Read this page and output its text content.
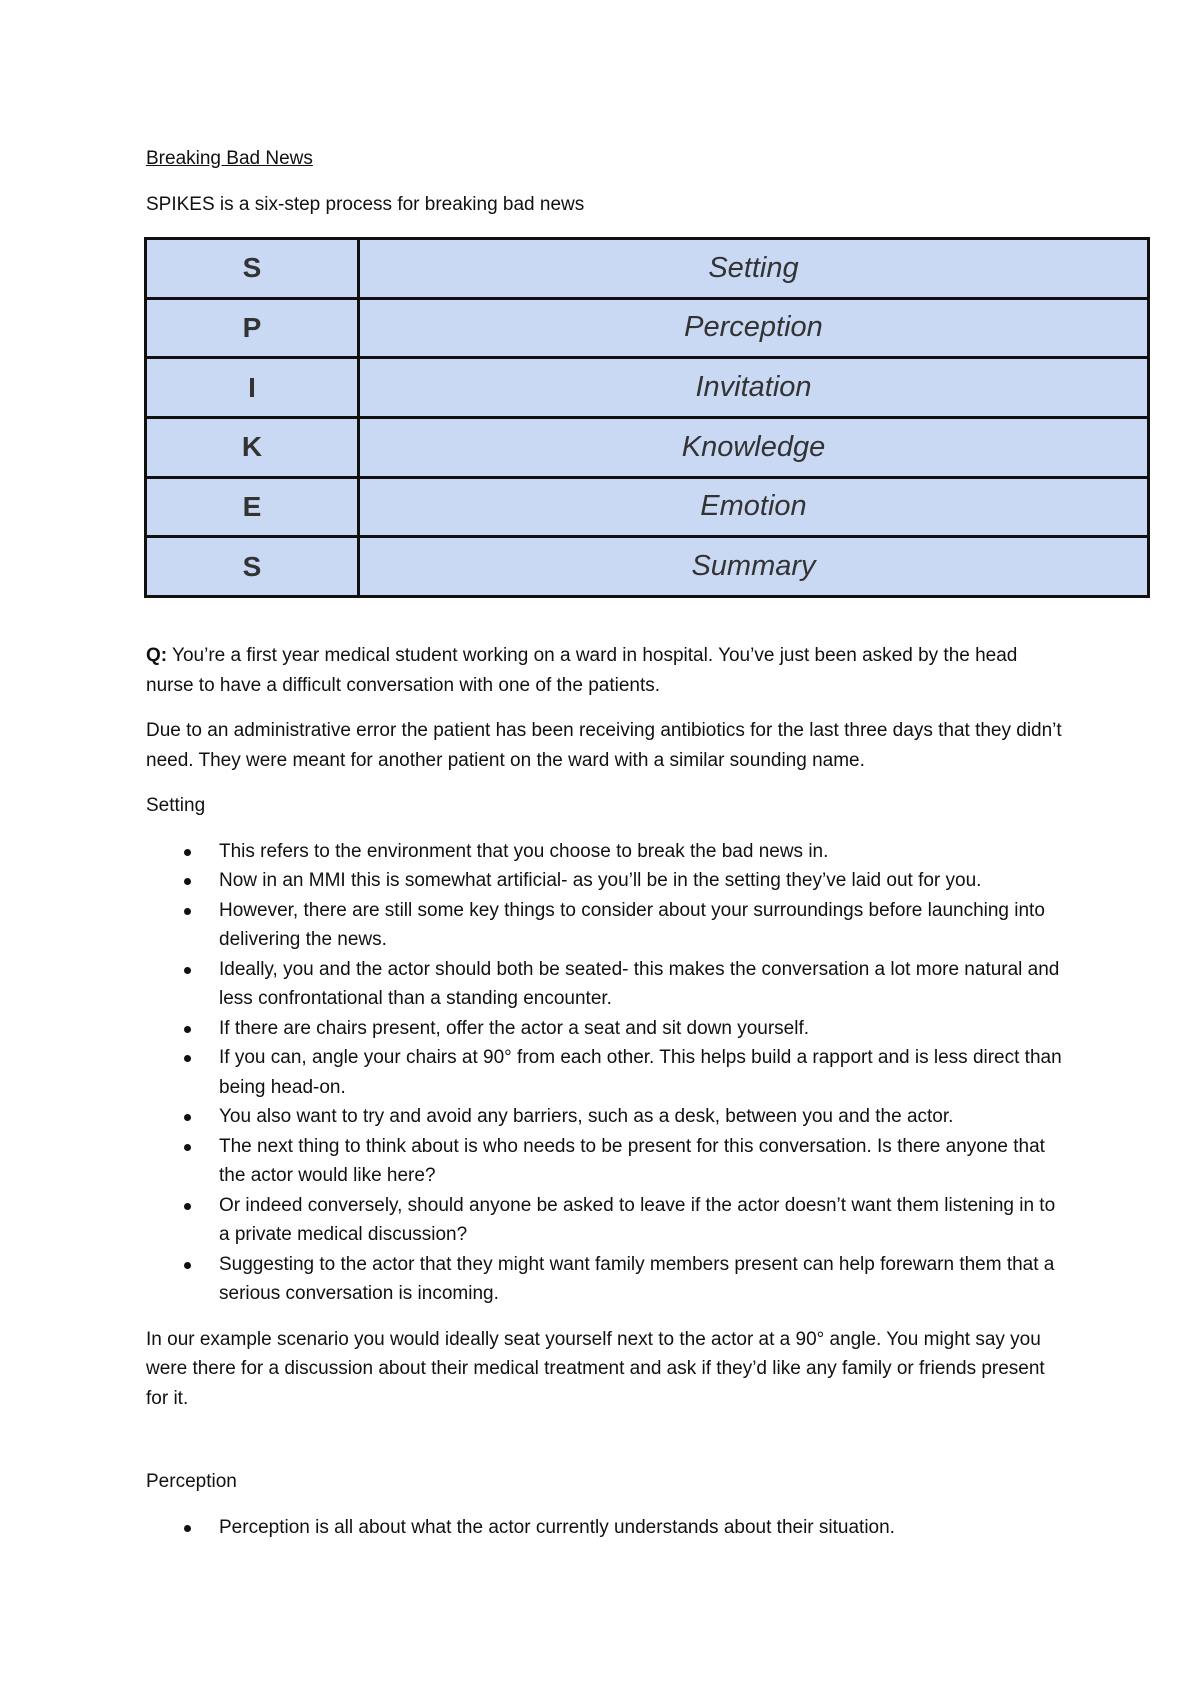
Breaking Bad News

SPIKES is a six-step process for breaking bad news

S	Setting
P	Perception
I	Invitation
K	Knowledge
E	Emotion
S	Summary

Q: You’re a first year medical student working on a ward in hospital. You’ve just been asked by the head nurse to have a difficult conversation with one of the patients.

Due to an administrative error the patient has been receiving antibiotics for the last three days that they didn’t need. They were meant for another patient on the ward with a similar sounding name.

Setting

This refers to the environment that you choose to break the bad news in.
Now in an MMI this is somewhat artificial- as you’ll be in the setting they’ve laid out for you.
However, there are still some key things to consider about your surroundings before launching into delivering the news.
Ideally, you and the actor should both be seated- this makes the conversation a lot more natural and less confrontational than a standing encounter.
If there are chairs present, offer the actor a seat and sit down yourself.
If you can, angle your chairs at 90° from each other. This helps build a rapport and is less direct than being head-on.
You also want to try and avoid any barriers, such as a desk, between you and the actor.
The next thing to think about is who needs to be present for this conversation. Is there anyone that the actor would like here?
Or indeed conversely, should anyone be asked to leave if the actor doesn’t want them listening in to a private medical discussion?
Suggesting to the actor that they might want family members present can help forewarn them that a serious conversation is incoming.

In our example scenario you would ideally seat yourself next to the actor at a 90° angle. You might say you were there for a discussion about their medical treatment and ask if they’d like any family or friends present for it.

Perception

Perception is all about what the actor currently understands about their situation.
